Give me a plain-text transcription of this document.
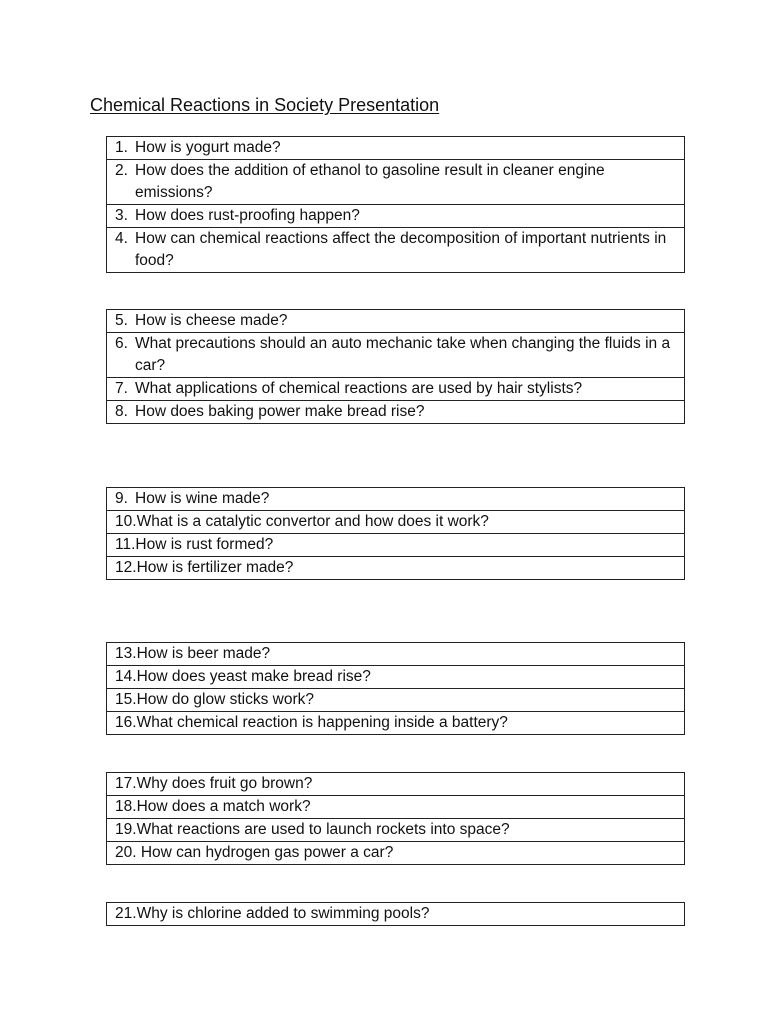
Chemical Reactions in Society Presentation
1. How is yogurt made?

2. How does the addition of ethanol to gasoline result in cleaner engine emissions?

3. How does rust-proofing happen?

4. How can chemical reactions affect the decomposition of important nutrients in food?
5. How is cheese made?

6. What precautions should an auto mechanic take when changing the fluids in a car?

7. What applications of chemical reactions are used by hair stylists?

8. How does baking power make bread rise?
9. How is wine made?

10. What is a catalytic convertor and how does it work?

11. How is rust formed?

12. How is fertilizer made?
13. How is beer made?

14. How does yeast make bread rise?

15. How do glow sticks work?

16. What chemical reaction is happening inside a battery?
17. Why does fruit go brown?

18. How does a match work?

19. What reactions are used to launch rockets into space?

20. How can hydrogen gas power a car?
21. Why is chlorine added to swimming pools?
